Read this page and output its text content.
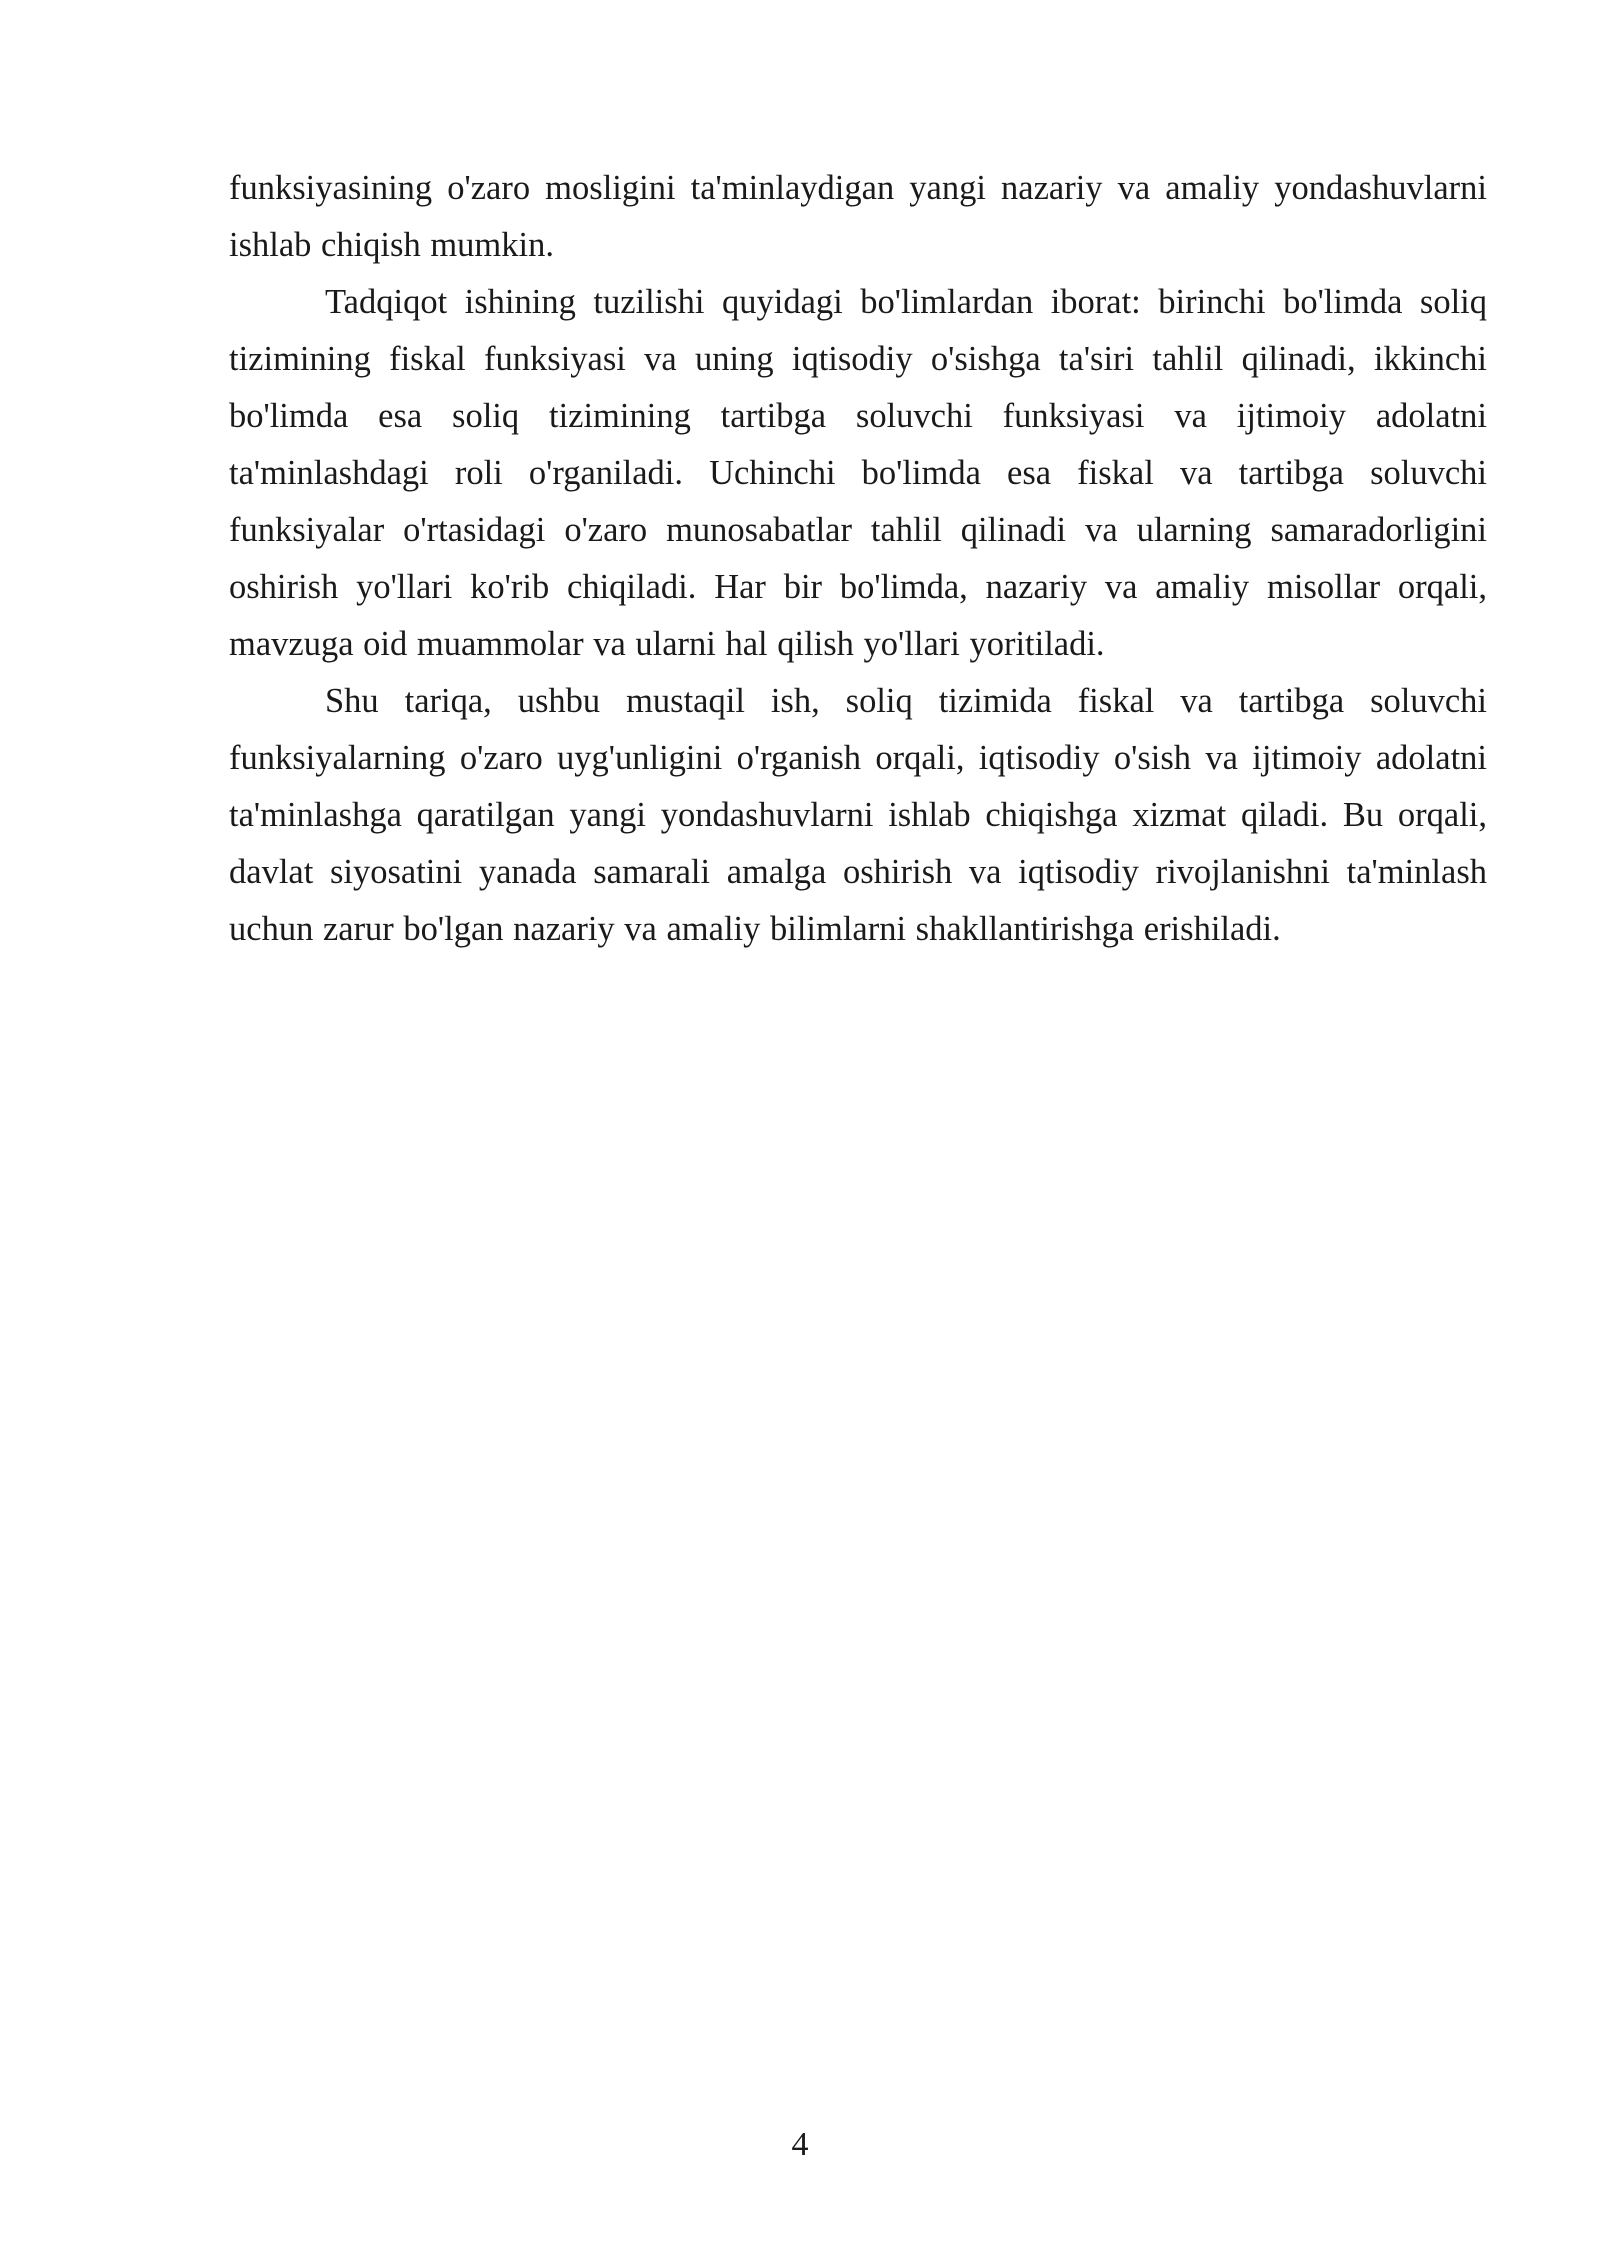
funksiyasining o'zaro mosligini ta'minlaydigan yangi nazariy va amaliy yondashuvlarni ishlab chiqish mumkin.

Tadqiqot ishining tuzilishi quyidagi bo'limlardan iborat: birinchi bo'limda soliq tizimining fiskal funksiyasi va uning iqtisodiy o'sishga ta'siri tahlil qilinadi, ikkinchi bo'limda esa soliq tizimining tartibga soluvchi funksiyasi va ijtimoiy adolatni ta'minlashdagi roli o'rganiladi. Uchinchi bo'limda esa fiskal va tartibga soluvchi funksiyalar o'rtasidagi o'zaro munosabatlar tahlil qilinadi va ularning samaradorligini oshirish yo'llari ko'rib chiqiladi. Har bir bo'limda, nazariy va amaliy misollar orqali, mavzuga oid muammolar va ularni hal qilish yo'llari yoritiladi.

Shu tariqa, ushbu mustaqil ish, soliq tizimida fiskal va tartibga soluvchi funksiyalarning o'zaro uyg'unligini o'rganish orqali, iqtisodiy o'sish va ijtimoiy adolatni ta'minlashga qaratilgan yangi yondashuvlarni ishlab chiqishga xizmat qiladi. Bu orqali, davlat siyosatini yanada samarali amalga oshirish va iqtisodiy rivojlanishni ta'minlash uchun zarur bo'lgan nazariy va amaliy bilimlarni shakllantirishga erishiladi.

4
